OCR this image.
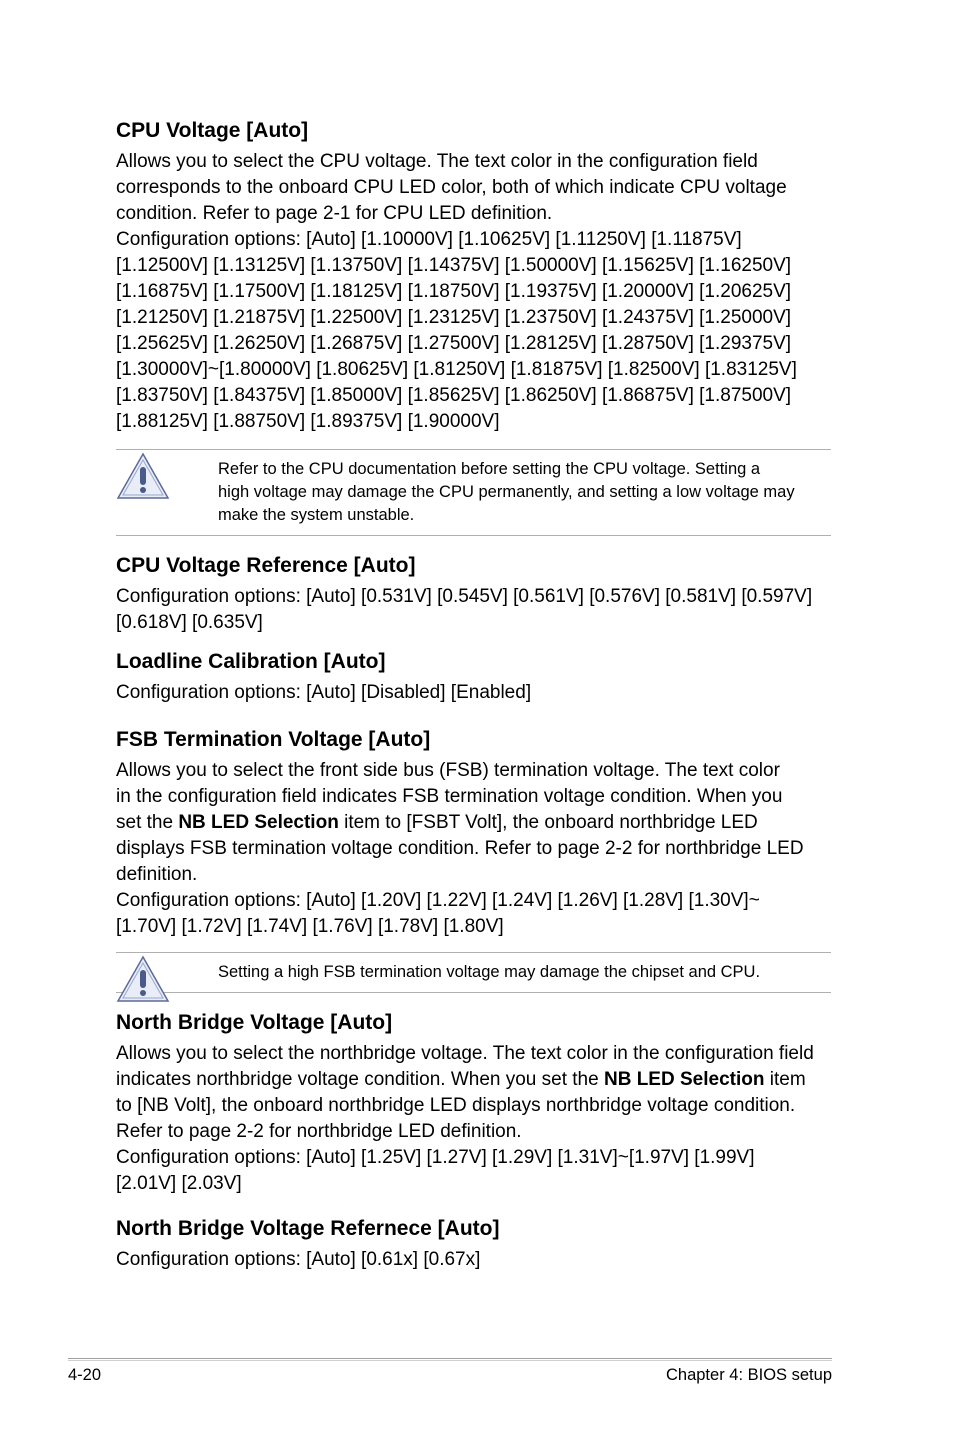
CPU Voltage [Auto]

Allows you to select the CPU voltage. The text color in the configuration field
corresponds to the onboard CPU LED color, both of which indicate CPU voltage
condition. Refer to page 2-1 for CPU LED definition.
Configuration options: [Auto] [1.10000V] [1.10625V] [1.11250V] [1.11875V]
[1.12500V] [1.13125V] [1.13750V] [1.14375V] [1.50000V] [1.15625V] [1.16250V]
[1.16875V] [1.17500V] [1.18125V] [1.18750V] [1.19375V] [1.20000V] [1.20625V]
[1.21250V] [1.21875V] [1.22500V] [1.23125V] [1.23750V] [1.24375V] [1.25000V]
[1.25625V] [1.26250V] [1.26875V] [1.27500V] [1.28125V] [1.28750V] [1.29375V]
[1.30000V]~[1.80000V] [1.80625V] [1.81250V] [1.81875V] [1.82500V] [1.83125V]
[1.83750V] [1.84375V] [1.85000V] [1.85625V] [1.86250V] [1.86875V] [1.87500V]
[1.88125V] [1.88750V] [1.89375V] [1.90000V]

Refer to the CPU documentation before setting the CPU voltage. Setting a
high voltage may damage the CPU permanently, and setting a low voltage may
make the system unstable.

CPU Voltage Reference [Auto]

Configuration options: [Auto] [0.531V] [0.545V] [0.561V] [0.576V] [0.581V] [0.597V]
[0.618V] [0.635V]

Loadline Calibration [Auto]

Configuration options: [Auto] [Disabled] [Enabled]

FSB Termination Voltage [Auto]

Allows you to select the front side bus (FSB) termination voltage. The text color
in the configuration field indicates FSB termination voltage condition. When you
set the NB LED Selection item to [FSBT Volt], the onboard northbridge LED
displays FSB termination voltage condition. Refer to page 2-2 for northbridge LED
definition.
Configuration options: [Auto] [1.20V] [1.22V] [1.24V] [1.26V] [1.28V] [1.30V]~
[1.70V] [1.72V] [1.74V] [1.76V] [1.78V] [1.80V]

Setting a high FSB termination voltage may damage the chipset and CPU.

North Bridge Voltage [Auto]

Allows you to select the northbridge voltage. The text color in the configuration field
indicates northbridge voltage condition. When you set the NB LED Selection item
to [NB Volt], the onboard northbridge LED displays northbridge voltage condition.
Refer to page 2-2 for northbridge LED definition.
Configuration options: [Auto] [1.25V] [1.27V] [1.29V] [1.31V]~[1.97V] [1.99V]
[2.01V] [2.03V]

North Bridge Voltage Refernece [Auto]

Configuration options: [Auto] [0.61x] [0.67x]

4-20	Chapter 4: BIOS setup
